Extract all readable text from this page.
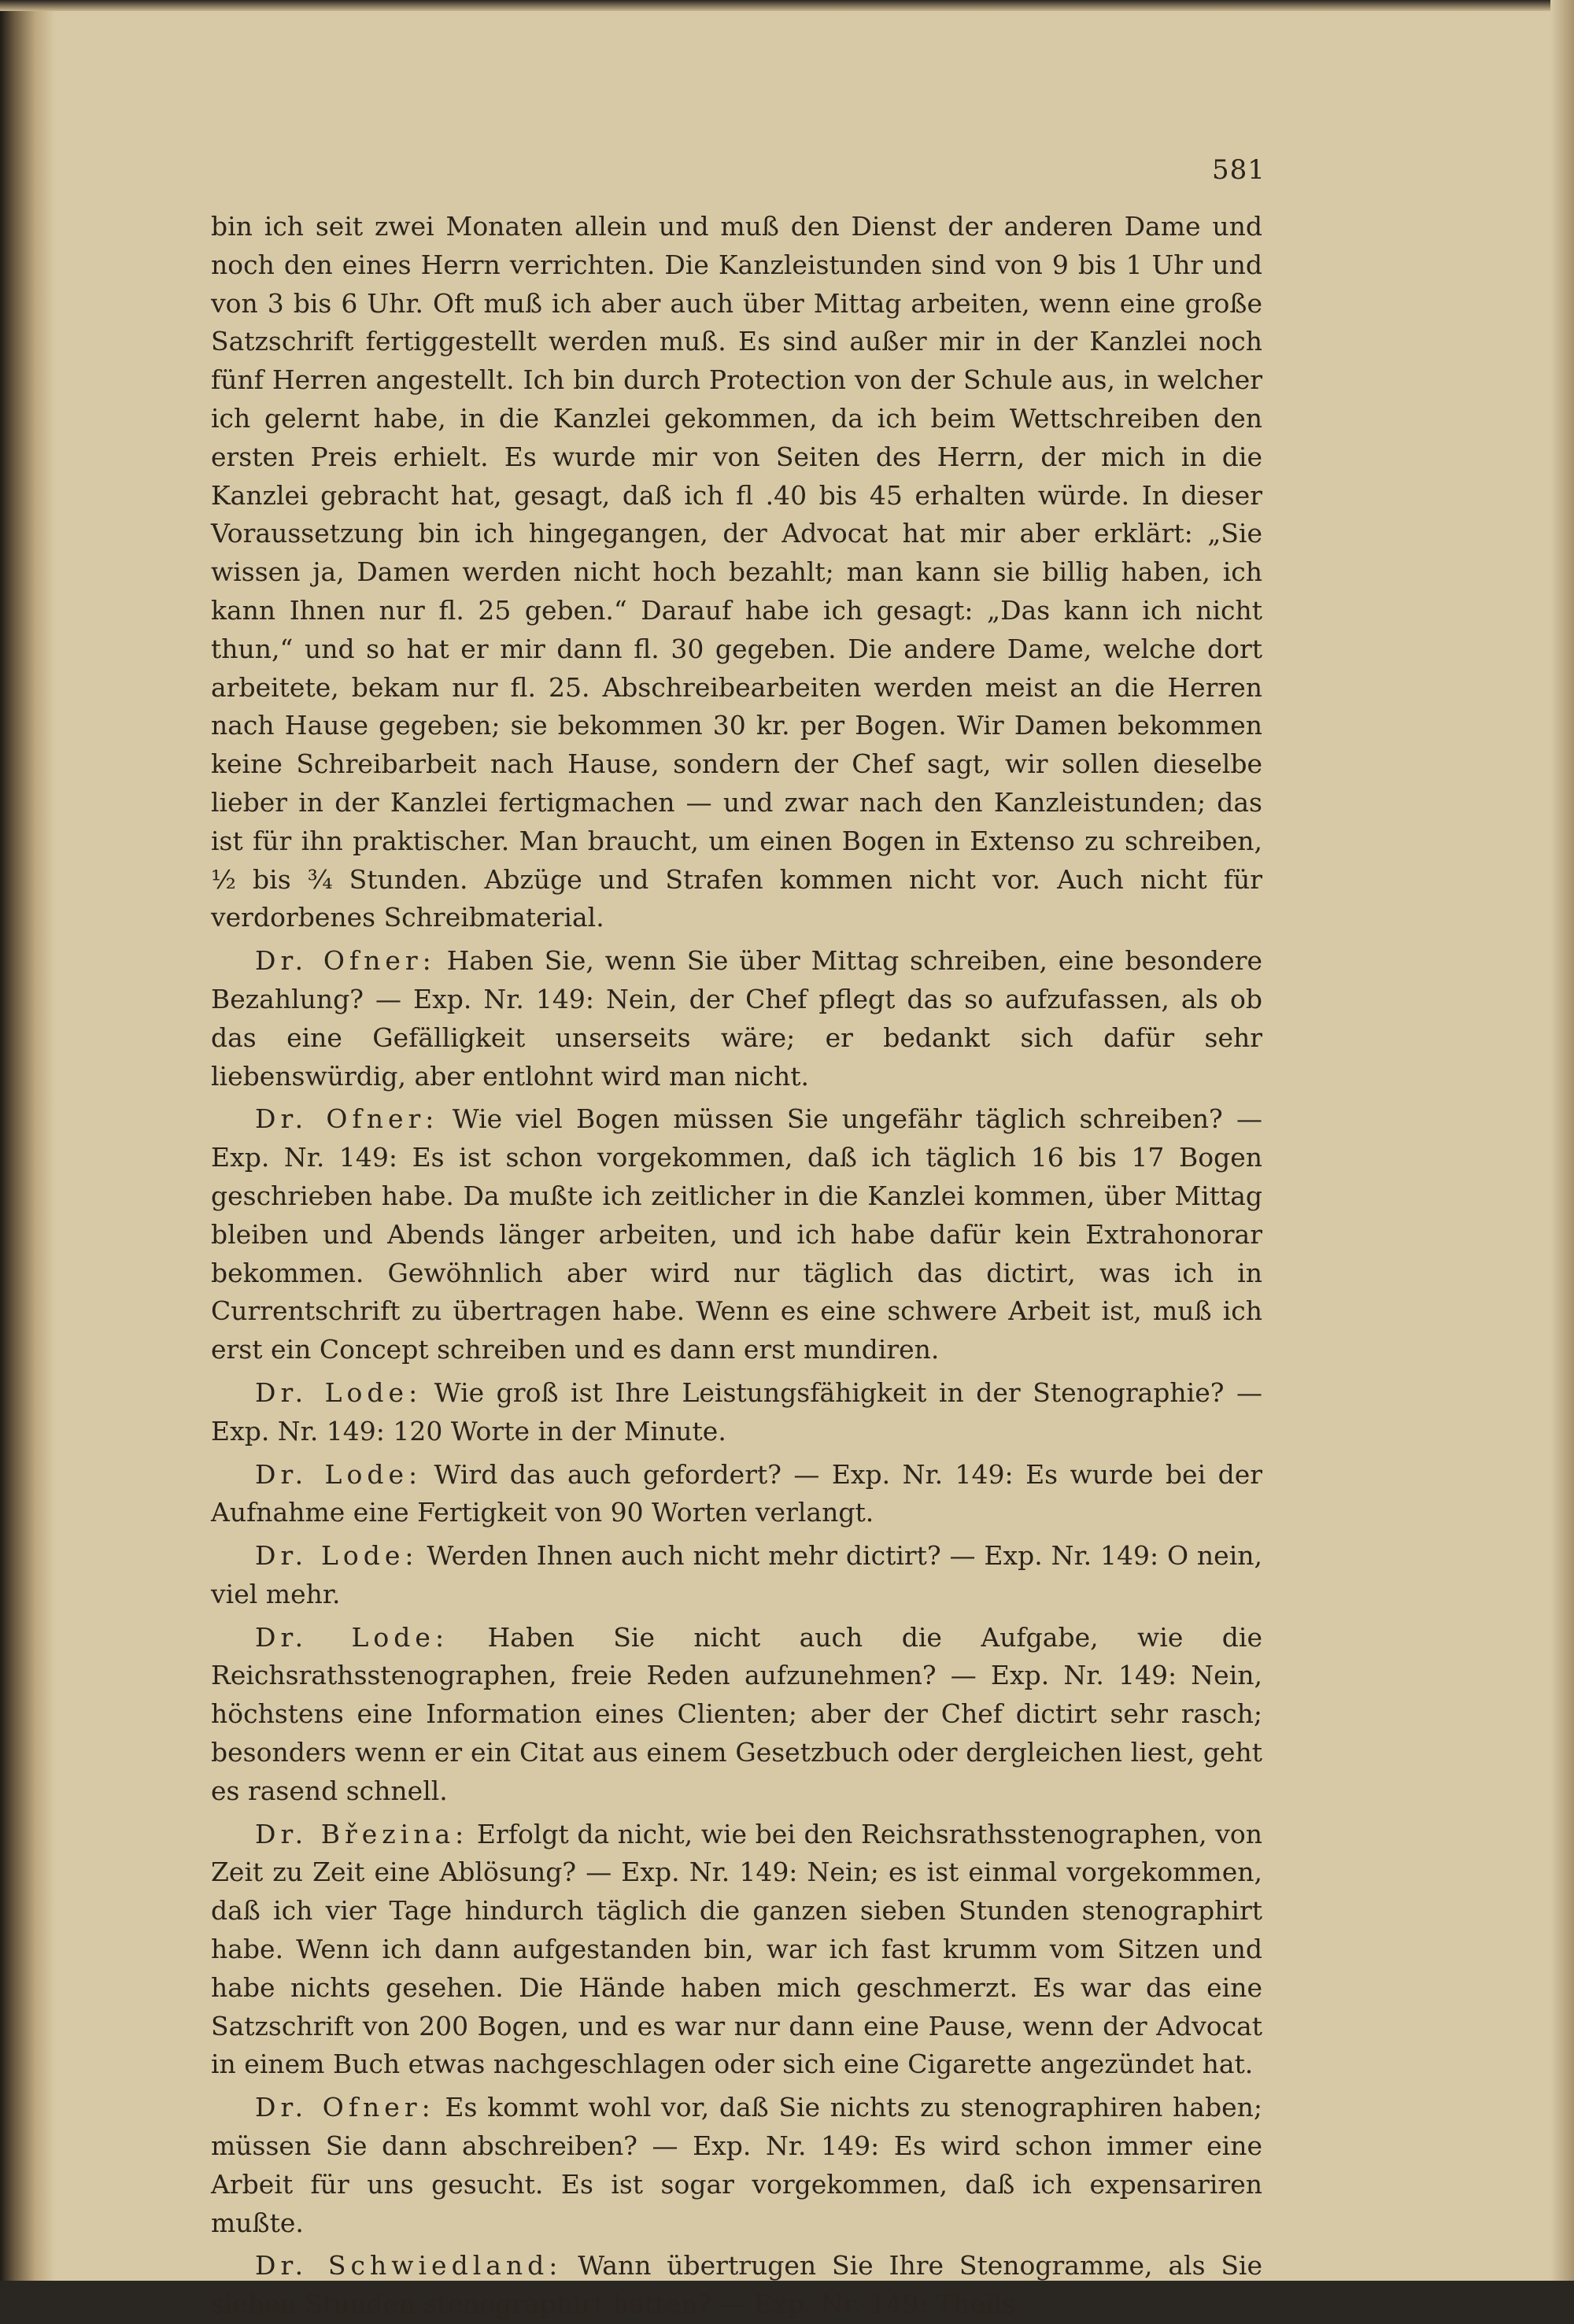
581

bin ich seit zwei Monaten allein und muß den Dienst der anderen Dame und noch den eines Herrn verrichten. Die Kanzleistunden sind von 9 bis 1 Uhr und von 3 bis 6 Uhr. Oft muß ich aber auch über Mittag arbeiten, wenn eine große Satzschrift fertiggestellt werden muß. Es sind außer mir in der Kanzlei noch fünf Herren angestellt. Ich bin durch Protection von der Schule aus, in welcher ich gelernt habe, in die Kanzlei gekommen, da ich beim Wettschreiben den ersten Preis erhielt. Es wurde mir von Seiten des Herrn, der mich in die Kanzlei gebracht hat, gesagt, daß ich fl .40 bis 45 erhalten würde. In dieser Voraussetzung bin ich hingegangen, der Advocat hat mir aber erklärt: „Sie wissen ja, Damen werden nicht hoch bezahlt; man kann sie billig haben, ich kann Ihnen nur fl. 25 geben.“ Darauf habe ich gesagt: „Das kann ich nicht thun,“ und so hat er mir dann fl. 30 gegeben. Die andere Dame, welche dort arbeitete, bekam nur fl. 25. Abschreibearbeiten werden meist an die Herren nach Hause gegeben; sie bekommen 30 kr. per Bogen. Wir Damen bekommen keine Schreibarbeit nach Hause, sondern der Chef sagt, wir sollen dieselbe lieber in der Kanzlei fertigmachen — und zwar nach den Kanzleistunden; das ist für ihn praktischer. Man braucht, um einen Bogen in Extenso zu schreiben, ½ bis ¾ Stunden. Abzüge und Strafen kommen nicht vor. Auch nicht für verdorbenes Schreibmaterial.

Dr. Ofner: Haben Sie, wenn Sie über Mittag schreiben, eine besondere Bezahlung? — Exp. Nr. 149: Nein, der Chef pflegt das so aufzufassen, als ob das eine Gefälligkeit unserseits wäre; er bedankt sich dafür sehr liebenswürdig, aber entlohnt wird man nicht.

Dr. Ofner: Wie viel Bogen müssen Sie ungefähr täglich schreiben? — Exp. Nr. 149: Es ist schon vorgekommen, daß ich täglich 16 bis 17 Bogen geschrieben habe. Da mußte ich zeitlicher in die Kanzlei kommen, über Mittag bleiben und Abends länger arbeiten, und ich habe dafür kein Extrahonorar bekommen. Gewöhnlich aber wird nur täglich das dictirt, was ich in Currentschrift zu übertragen habe. Wenn es eine schwere Arbeit ist, muß ich erst ein Concept schreiben und es dann erst mundiren.

Dr. Lode: Wie groß ist Ihre Leistungsfähigkeit in der Stenographie? — Exp. Nr. 149: 120 Worte in der Minute.

Dr. Lode: Wird das auch gefordert? — Exp. Nr. 149: Es wurde bei der Aufnahme eine Fertigkeit von 90 Worten verlangt.

Dr. Lode: Werden Ihnen auch nicht mehr dictirt? — Exp. Nr. 149: O nein, viel mehr.

Dr. Lode: Haben Sie nicht auch die Aufgabe, wie die Reichsrathsstenographen, freie Reden aufzunehmen? — Exp. Nr. 149: Nein, höchstens eine Information eines Clienten; aber der Chef dictirt sehr rasch; besonders wenn er ein Citat aus einem Gesetzbuch oder dergleichen liest, geht es rasend schnell.

Dr. Březina: Erfolgt da nicht, wie bei den Reichsrathsstenographen, von Zeit zu Zeit eine Ablösung? — Exp. Nr. 149: Nein; es ist einmal vorgekommen, daß ich vier Tage hindurch täglich die ganzen sieben Stunden stenographirt habe. Wenn ich dann aufgestanden bin, war ich fast krumm vom Sitzen und habe nichts gesehen. Die Hände haben mich geschmerzt. Es war das eine Satzschrift von 200 Bogen, und es war nur dann eine Pause, wenn der Advocat in einem Buch etwas nachgeschlagen oder sich eine Cigarette angezündet hat.

Dr. Ofner: Es kommt wohl vor, daß Sie nichts zu stenographiren haben; müssen Sie dann abschreiben? — Exp. Nr. 149: Es wird schon immer eine Arbeit für uns gesucht. Es ist sogar vorgekommen, daß ich expensariren mußte.

Dr. Schwiedland: Wann übertrugen Sie Ihre Stenogramme, als Sie sieben Stunden stenographirt hatten? — Exp. Nr. 149: Theils
